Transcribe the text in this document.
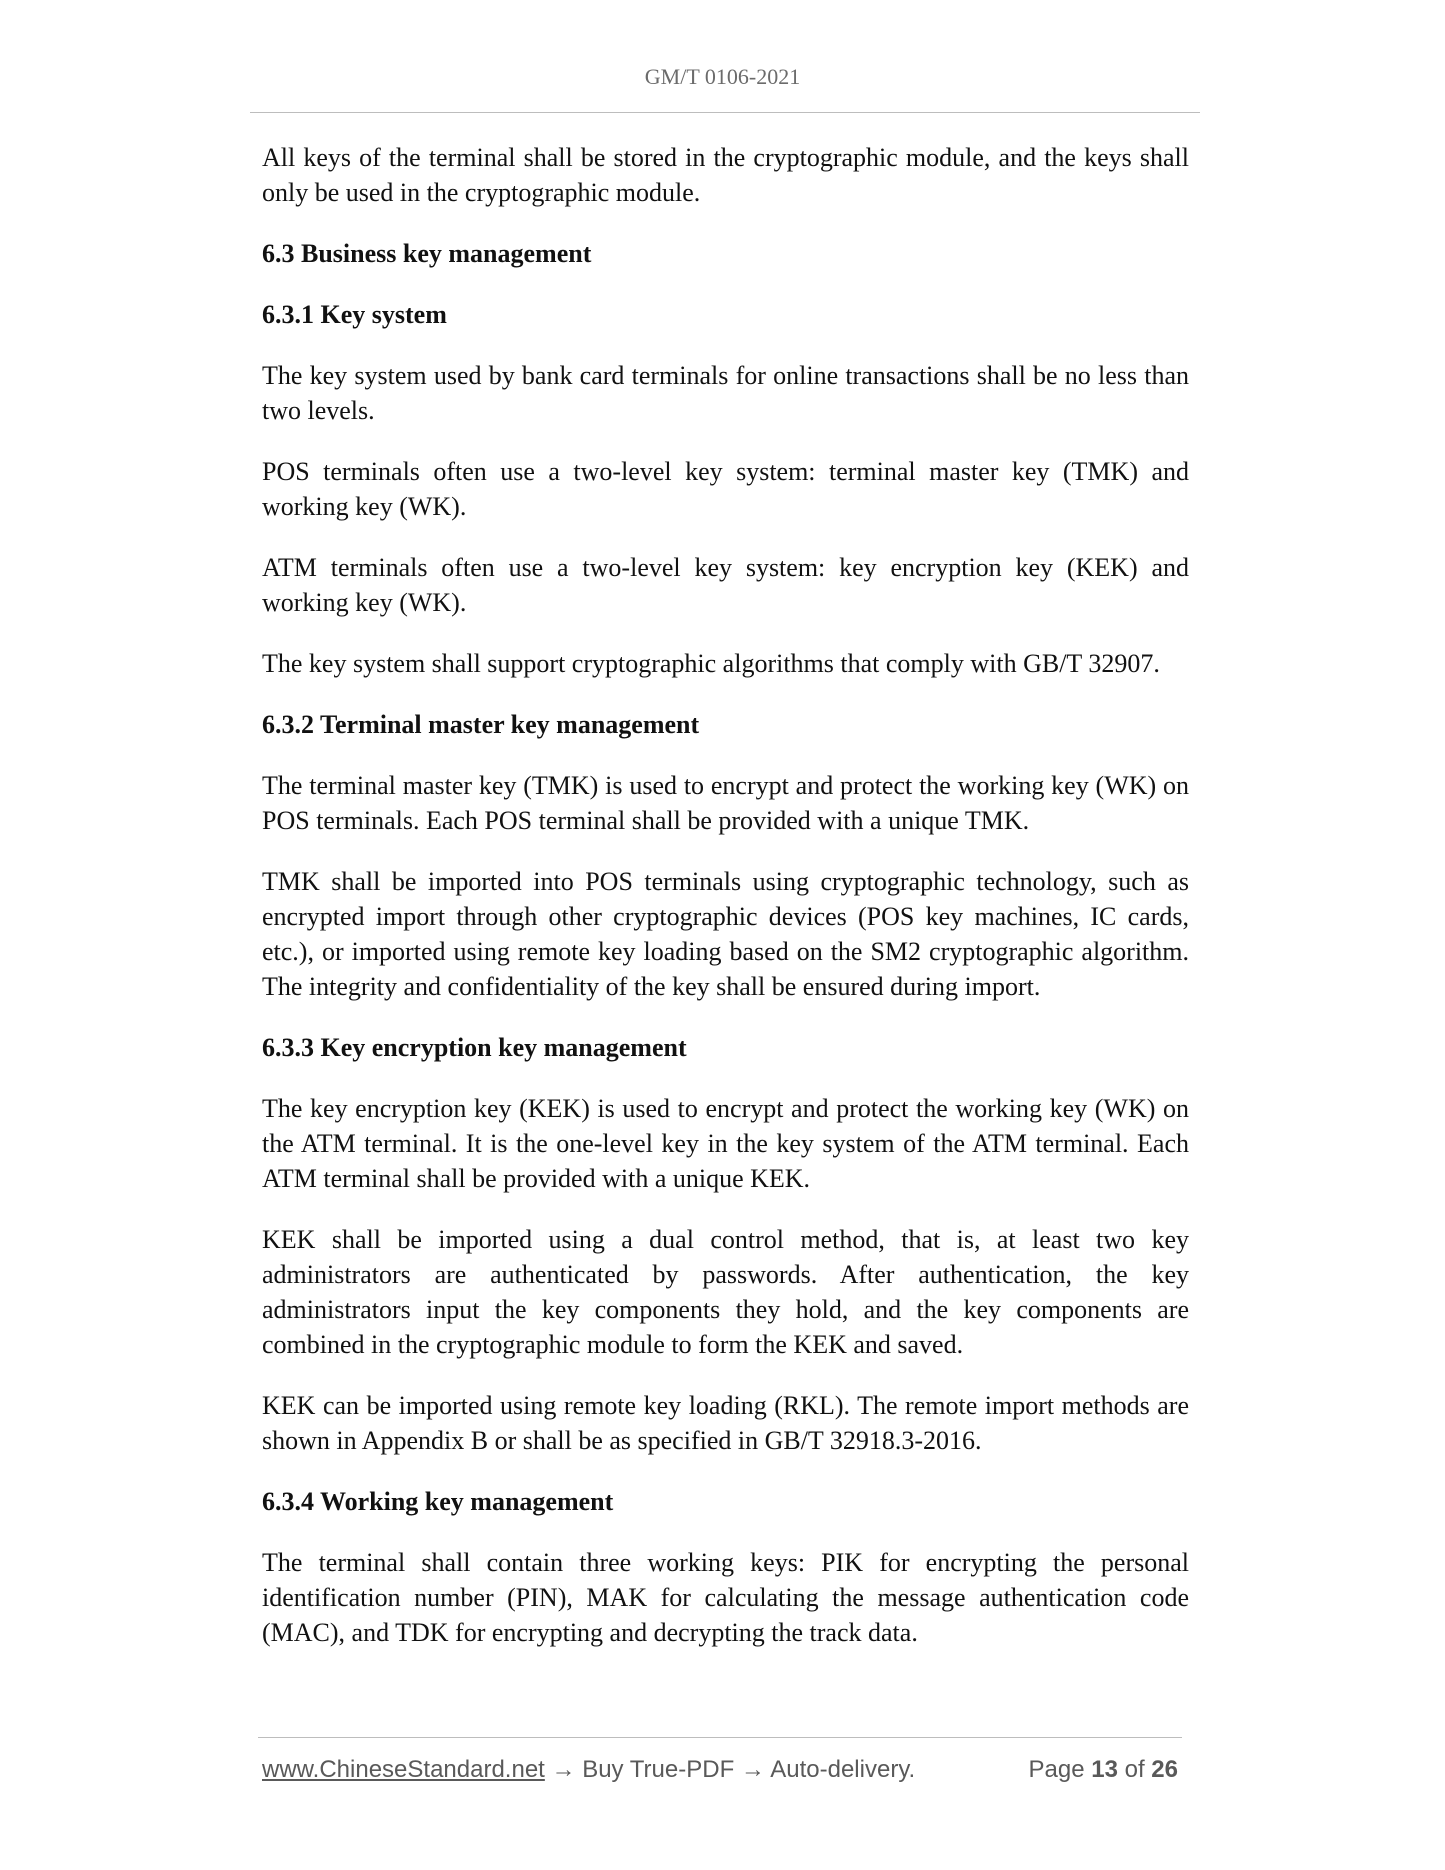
GM/T 0106-2021

All keys of the terminal shall be stored in the cryptographic module, and the keys shall only be used in the cryptographic module.

6.3 Business key management
6.3.1 Key system

The key system used by bank card terminals for online transactions shall be no less than two levels.

POS terminals often use a two-level key system: terminal master key (TMK) and working key (WK).

ATM terminals often use a two-level key system: key encryption key (KEK) and working key (WK).

The key system shall support cryptographic algorithms that comply with GB/T 32907.

6.3.2 Terminal master key management

The terminal master key (TMK) is used to encrypt and protect the working key (WK) on POS terminals. Each POS terminal shall be provided with a unique TMK.

TMK shall be imported into POS terminals using cryptographic technology, such as encrypted import through other cryptographic devices (POS key machines, IC cards, etc.), or imported using remote key loading based on the SM2 cryptographic algorithm. The integrity and confidentiality of the key shall be ensured during import.

6.3.3 Key encryption key management

The key encryption key (KEK) is used to encrypt and protect the working key (WK) on the ATM terminal. It is the one-level key in the key system of the ATM terminal. Each ATM terminal shall be provided with a unique KEK.

KEK shall be imported using a dual control method, that is, at least two key administrators are authenticated by passwords. After authentication, the key administrators input the key components they hold, and the key components are combined in the cryptographic module to form the KEK and saved.

KEK can be imported using remote key loading (RKL). The remote import methods are shown in Appendix B or shall be as specified in GB/T 32918.3-2016.

6.3.4 Working key management

The terminal shall contain three working keys: PIK for encrypting the personal identification number (PIN), MAK for calculating the message authentication code (MAC), and TDK for encrypting and decrypting the track data.

www.ChineseStandard.net → Buy True-PDF → Auto-delivery.	Page 13 of 26
